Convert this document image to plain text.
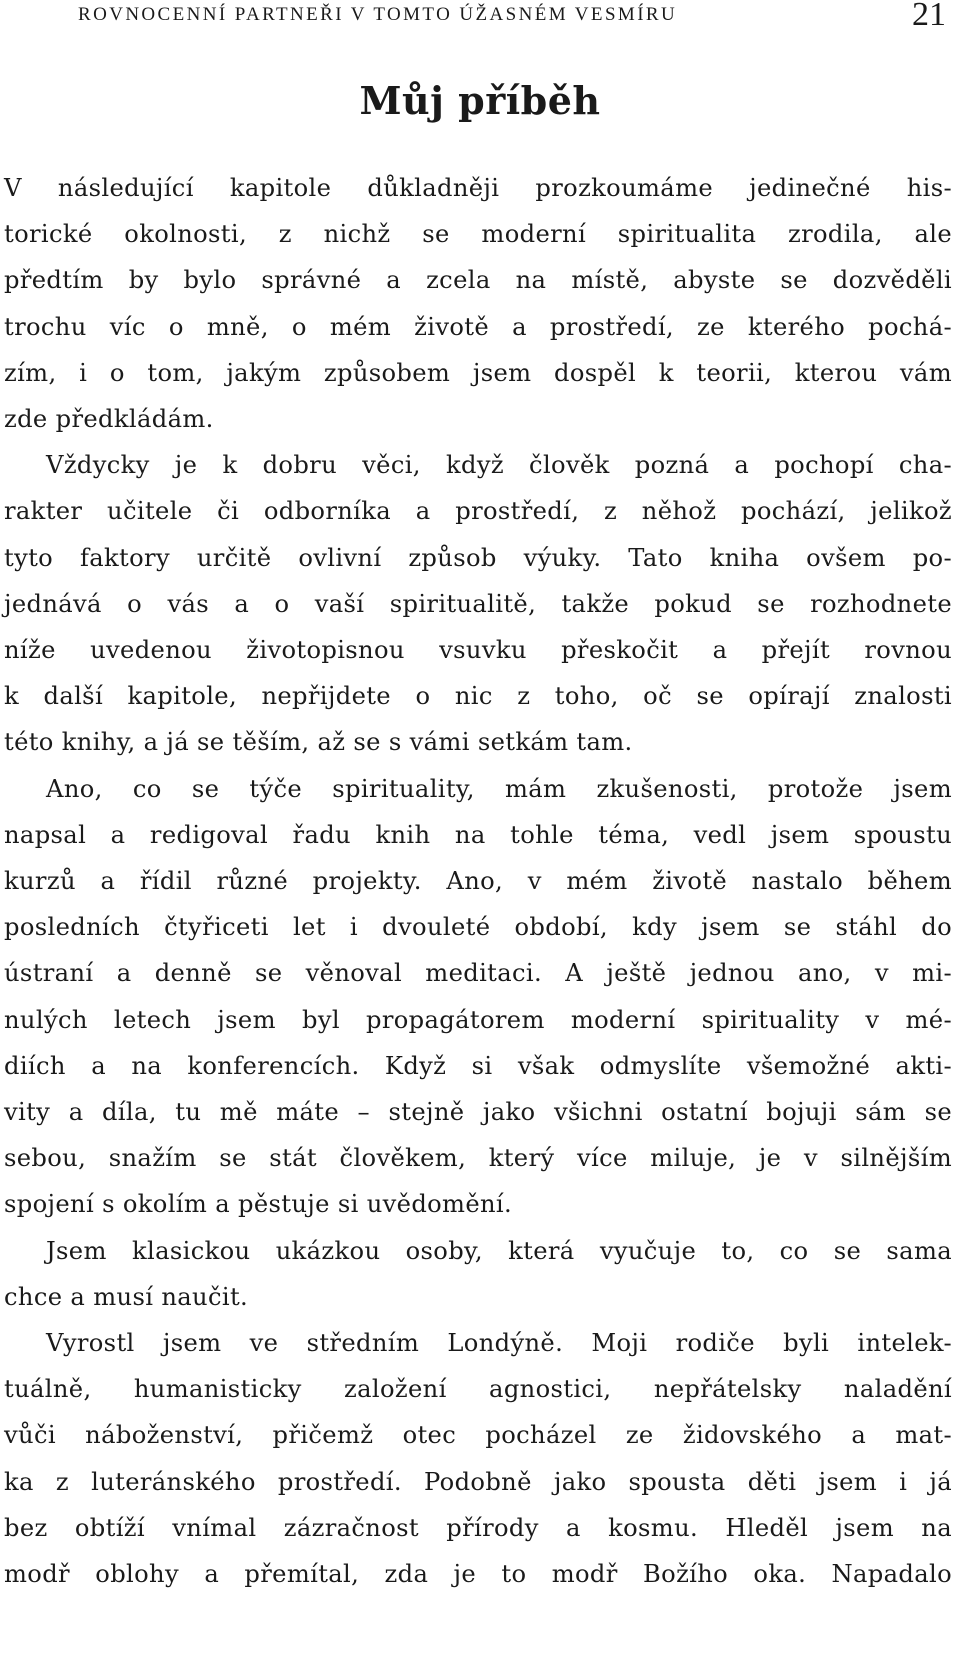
ROVNOCENNÍ PARTNEŘI V TOMTO ÚŽASNÉM VESMÍRU	21
Můj příběh
V následující kapitole důkladněji prozkoumáme jedinečné his-
torické okolnosti, z nichž se moderní spiritualita zrodila, ale
předtím by bylo správné a zcela na místě, abyste se dozvěděli
trochu víc o mně, o mém životě a prostředí, ze kterého pochá-
zím, i o tom, jakým způsobem jsem dospěl k teorii, kterou vám
zde předkládám.
Vždycky je k dobru věci, když člověk pozná a pochopí cha-
rakter učitele či odborníka a prostředí, z něhož pochází, jelikož
tyto faktory určitě ovlivní způsob výuky. Tato kniha ovšem po-
jednává o vás a o vaší spiritualitě, takže pokud se rozhodnete
níže uvedenou životopisnou vsuvku přeskočit a přejít rovnou
k další kapitole, nepřijdete o nic z toho, oč se opírají znalosti
této knihy, a já se těším, až se s vámi setkám tam.
Ano, co se týče spirituality, mám zkušenosti, protože jsem
napsal a redigoval řadu knih na tohle téma, vedl jsem spoustu
kurzů a řídil různé projekty. Ano, v mém životě nastalo během
posledních čtyřiceti let i dvouleté období, kdy jsem se stáhl do
ústraní a denně se věnoval meditaci. A ještě jednou ano, v mi-
nulých letech jsem byl propagátorem moderní spirituality v mé-
diích a na konferencích. Když si však odmyslíte všemožné akti-
vity a díla, tu mě máte – stejně jako všichni ostatní bojuji sám se
sebou, snažím se stát člověkem, který více miluje, je v silnějším
spojení s okolím a pěstuje si uvědomění.
Jsem klasickou ukázkou osoby, která vyučuje to, co se sama
chce a musí naučit.
Vyrostl jsem ve středním Londýně. Moji rodiče byli intelek-
tuálně, humanisticky založení agnostici, nepřátelsky naladění
vůči náboženství, přičemž otec pocházel ze židovského a mat-
ka z luteránského prostředí. Podobně jako spousta děti jsem i já
bez obtíží vnímal zázračnost přírody a kosmu. Hleděl jsem na
modř oblohy a přemítal, zda je to modř Božího oka. Napadalo
